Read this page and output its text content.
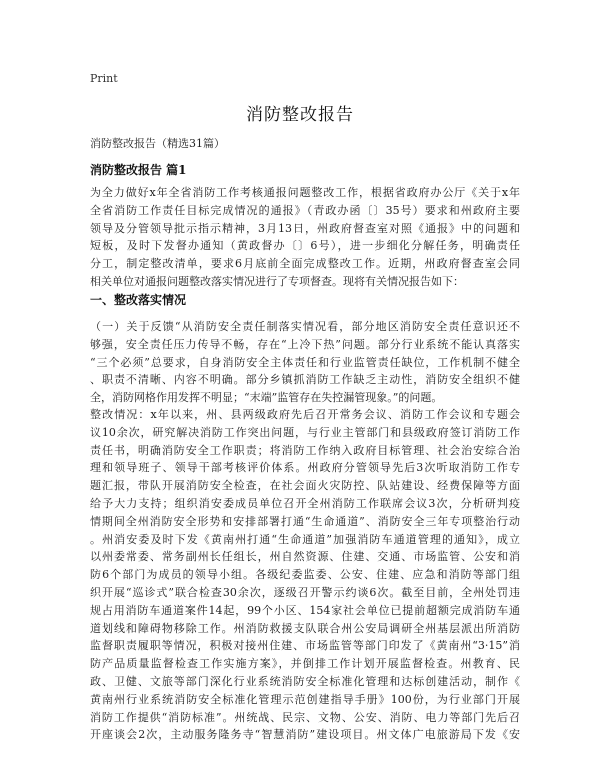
Print
消防整改报告
消防整改报告（精选31篇）
消防整改报告 篇1
为全力做好x年全省消防工作考核通报问题整改工作，根据省政府办公厅《关于x年
全省消防工作责任目标完成情况的通报》（青政办函〔〕35号）要求和州政府主要
领导及分管领导批示指示精神，3月13日，州政府督查室对照《通报》中的问题和
短板，及时下发督办通知（黄政督办〔〕6号），进一步细化分解任务，明确责任
分工，制定整改清单，要求6月底前全面完成整改工作。近期，州政府督查室会同
相关单位对通报问题整改落实情况进行了专项督查。现将有关情况报告如下：
一、整改落实情况
（一）关于反馈“从消防安全责任制落实情况看，部分地区消防安全责任意识还不
够强，安全责任压力传导不畅，存在“上冷下热”问题。部分行业系统不能认真落实
“三个必须”总要求，自身消防安全主体责任和行业监管责任缺位，工作机制不健全
、职责不清晰、内容不明确。部分乡镇抓消防工作缺乏主动性，消防安全组织不健
全，消防网格作用发挥不明显；“末端”监管存在失控漏管现象。”的问题。
整改情况：x年以来，州、县两级政府先后召开常务会议、消防工作会议和专题会
议10余次，研究解决消防工作突出问题，与行业主管部门和县级政府签订消防工作
责任书，明确消防安全工作职责；将消防工作纳入政府目标管理、社会治安综合治
理和领导班子、领导干部考核评价体系。州政府分管领导先后3次听取消防工作专
题汇报，带队开展消防安全检查，在社会面火灾防控、队站建设、经费保障等方面
给予大力支持；组织消安委成员单位召开全州消防工作联席会议3次，分析研判疫
情期间全州消防安全形势和安排部署打通“生命通道”、消防安全三年专项整治行动
。州消安委及时下发《黄南州打通“生命通道”加强消防车通道管理的通知》，成立
以州委常委、常务副州长任组长，州自然资源、住建、交通、市场监管、公安和消
防6个部门为成员的领导小组。各级纪委监委、公安、住建、应急和消防等部门组
织开展“巡诊式”联合检查30余次，逐级召开警示约谈6次。截至目前，全州处罚违
规占用消防车通道案件14起，99个小区、154家社会单位已提前超额完成消防车通
道划线和障碍物移除工作。州消防救援支队联合州公安局调研全州基层派出所消防
监督职责履职等情况，积极对接州住建、市场监管等部门印发了《黄南州“3·15”消
防产品质量监督检查工作实施方案》，并倒排工作计划开展监督检查。州教育、民
政、卫健、文旅等部门深化行业系统消防安全标准化管理和达标创建活动，制作《
黄南州行业系统消防安全标准化管理示范创建指导手册》100份，为行业部门开展
消防工作提供“消防标准”。州统战、民宗、文物、公安、消防、电力等部门先后召
开座谈会2次，主动服务隆务寺“智慧消防”建设项目。州文体广电旅游局下发《安
